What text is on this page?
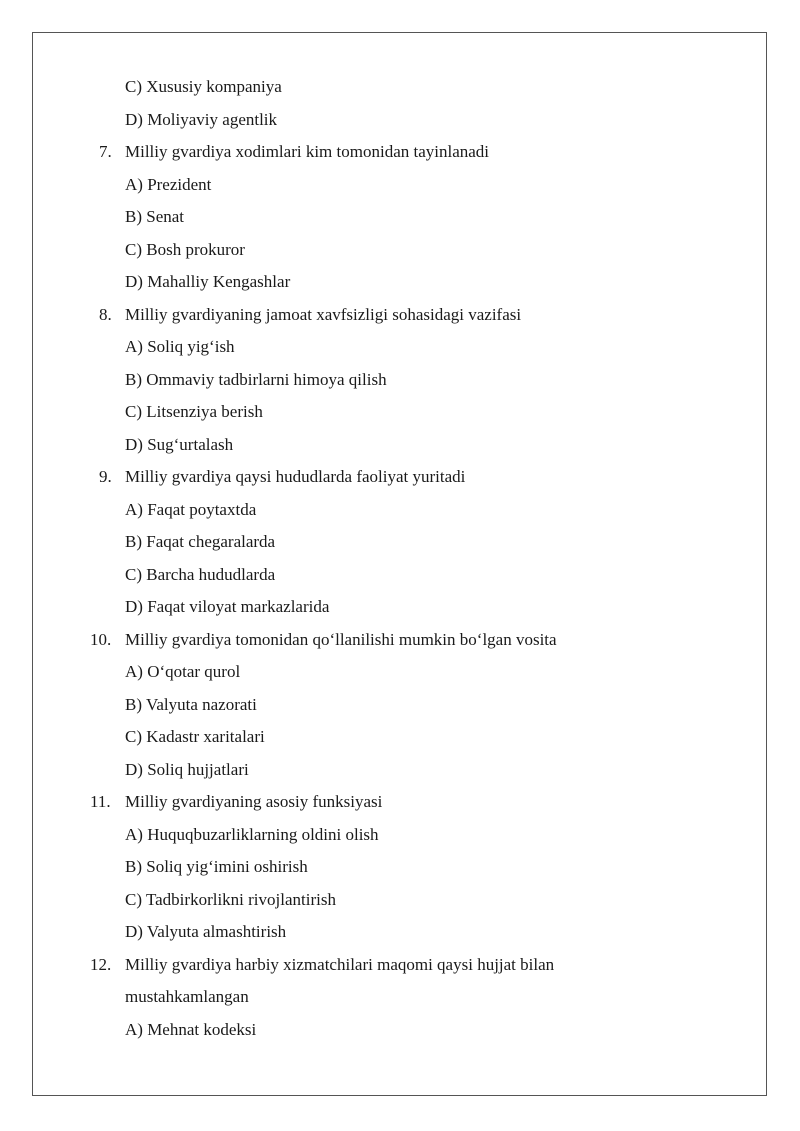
C) Xususiy kompaniya
D) Moliyaviy agentlik
7. Milliy gvardiya xodimlari kim tomonidan tayinlanadi
A) Prezident
B) Senat
C) Bosh prokuror
D) Mahalliy Kengashlar
8. Milliy gvardiyaning jamoat xavfsizligi sohasidagi vazifasi
A) Soliq yig‘ish
B) Ommaviy tadbirlarni himoya qilish
C) Litsenziya berish
D) Sug‘urtalash
9. Milliy gvardiya qaysi hududlarda faoliyat yuritadi
A) Faqat poytaxtda
B) Faqat chegaralarda
C) Barcha hududlarda
D) Faqat viloyat markazlarida
10. Milliy gvardiya tomonidan qo‘llanilishi mumkin bo‘lgan vosita
A) O‘qotar qurol
B) Valyuta nazorati
C) Kadastr xaritalari
D) Soliq hujjatlari
11. Milliy gvardiyaning asosiy funksiyasi
A) Huquqbuzarliklarning oldini olish
B) Soliq yig‘imini oshirish
C) Tadbirkorlikni rivojlantirish
D) Valyuta almashtirish
12. Milliy gvardiya harbiy xizmatchilari maqomi qaysi hujjat bilan
mustahkamlangan
A) Mehnat kodeksi
